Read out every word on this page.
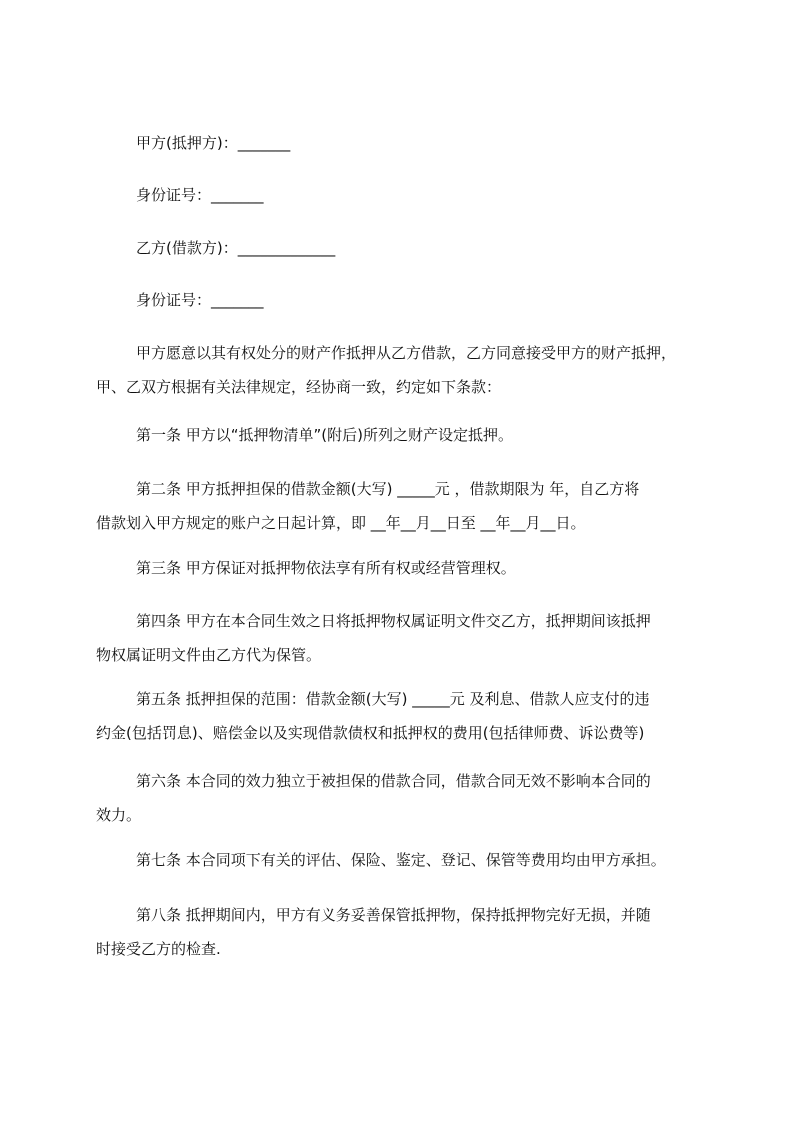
甲方(抵押方)：_______

身份证号：_______

乙方(借款方)：_____________

身份证号：_______

甲方愿意以其有权处分的财产作抵押从乙方借款，乙方同意接受甲方的财产抵押，
甲、乙双方根据有关法律规定，经协商一致，约定如下条款：

第一条 甲方以“抵押物清单”(附后)所列之财产设定抵押。

第二条 甲方抵押担保的借款金额(大写) _____元 ，借款期限为 年，自乙方将
借款划入甲方规定的账户之日起计算，即 __年__月__日至 __年__月__日。

第三条 甲方保证对抵押物依法享有所有权或经营管理权。

第四条 甲方在本合同生效之日将抵押物权属证明文件交乙方，抵押期间该抵押
物权属证明文件由乙方代为保管。
第五条 抵押担保的范围：借款金额(大写) _____元 及利息、借款人应支付的违
约金(包括罚息)、赔偿金以及实现借款债权和抵押权的费用(包括律师费、诉讼费等)
第六条 本合同的效力独立于被担保的借款合同，借款合同无效不影响本合同的
效力。

第七条 本合同项下有关的评估、保险、鉴定、登记、保管等费用均由甲方承担。

第八条 抵押期间内，甲方有义务妥善保管抵押物，保持抵押物完好无损，并随
时接受乙方的检查.
